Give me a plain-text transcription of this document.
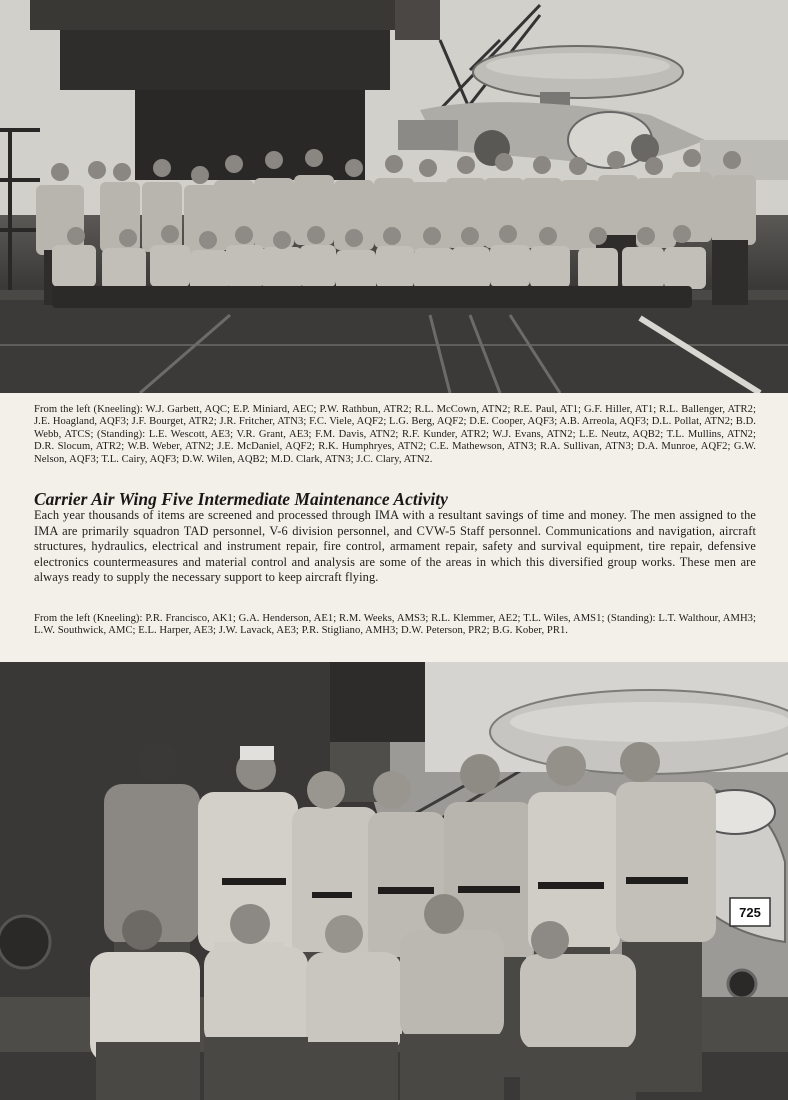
From the left (Kneeling): W.J. Garbett, AQC; E.P. Miniard, AEC; P.W. Rathbun, ATR2; R.L. McCown, ATN2; R.E. Paul, AT1; G.F. Hiller, AT1; R.L. Ballenger, ATR2; J.E. Hoagland, AQF3; J.F. Bourget, ATR2; J.R. Fritcher, ATN3; F.C. Viele, AQF2; L.G. Berg, AQF2; D.E. Cooper, AQF3; A.B. Arreola, AQF3; D.L. Pollat, ATN2; B.D. Webb, ATCS; (Standing): L.E. Wescott, AE3; V.R. Grant, AE3; F.M. Davis, ATN2; R.F. Kunder, ATR2; W.J. Evans, ATN2; L.E. Neutz, AQB2; T.L. Mullins, ATN2; D.R. Slocum, ATR2; W.B. Weber, ATN2; J.E. McDaniel, AQF2; R.K. Humphryes, ATN2; C.E. Mathewson, ATN3; R.A. Sullivan, ATN3; D.A. Munroe, AQF2; G.W. Nelson, AQF3; T.L. Cairy, AQF3; D.W. Wilen, AQB2; M.D. Clark, ATN3; J.C. Clary, ATN2.

Carrier Air Wing Five Intermediate Maintenance Activity

Each year thousands of items are screened and processed through IMA with a resultant savings of time and money. The men assigned to the IMA are primarily squadron TAD personnel, V-6 division personnel, and CVW-5 Staff personnel. Communications and navigation, aircraft structures, hydraulics, electrical and instrument repair, fire control, armament repair, safety and survival equipment, tire repair, defensive electronics countermeasures and material control and analysis are some of the areas in which this diversified group works. These men are always ready to supply the necessary support to keep aircraft flying.

From the left (Kneeling): P.R. Francisco, AK1; G.A. Henderson, AE1; R.M. Weeks, AMS3; R.L. Klemmer, AE2; T.L. Wiles, AMS1; (Standing): L.T. Walthour, AMH3; L.W. Southwick, AMC; E.L. Harper, AE3; J.W. Lavack, AE3; P.R. Stigliano, AMH3; D.W. Peterson, PR2; B.G. Kober, PR1.

725
